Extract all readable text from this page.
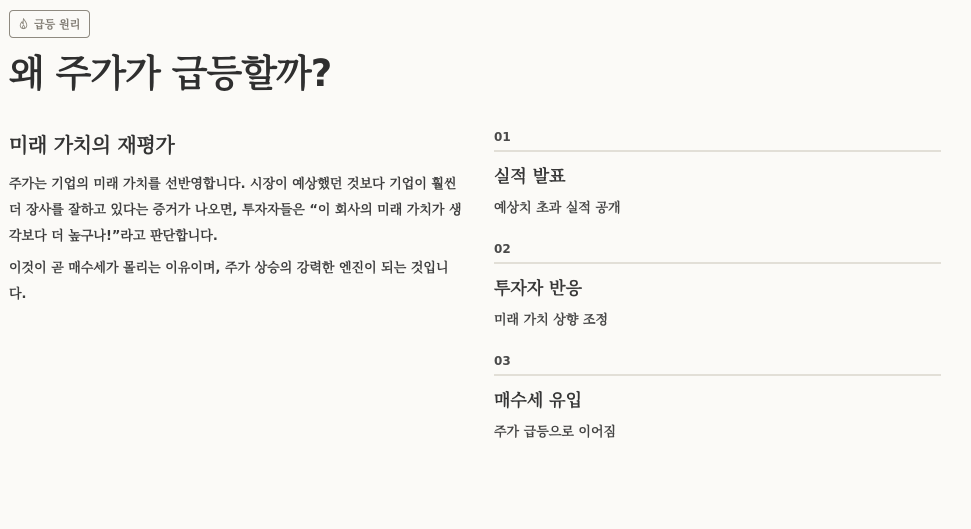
급등 원리
왜 주가가 급등할까?
미래 가치의 재평가

주가는 기업의 미래 가치를 선반영합니다. 시장이 예상했던 것보다 기업이 훨씬 더 장사를 잘하고 있다는 증거가 나오면, 투자자들은 “이 회사의 미래 가치가 생각보다 더 높구나!”라고 판단합니다.

이것이 곧 매수세가 몰리는 이유이며, 주가 상승의 강력한 엔진이 되는 것입니다.

01
실적 발표
예상치 초과 실적 공개
02
투자자 반응
미래 가치 상향 조정
03
매수세 유입
주가 급등으로 이어짐
